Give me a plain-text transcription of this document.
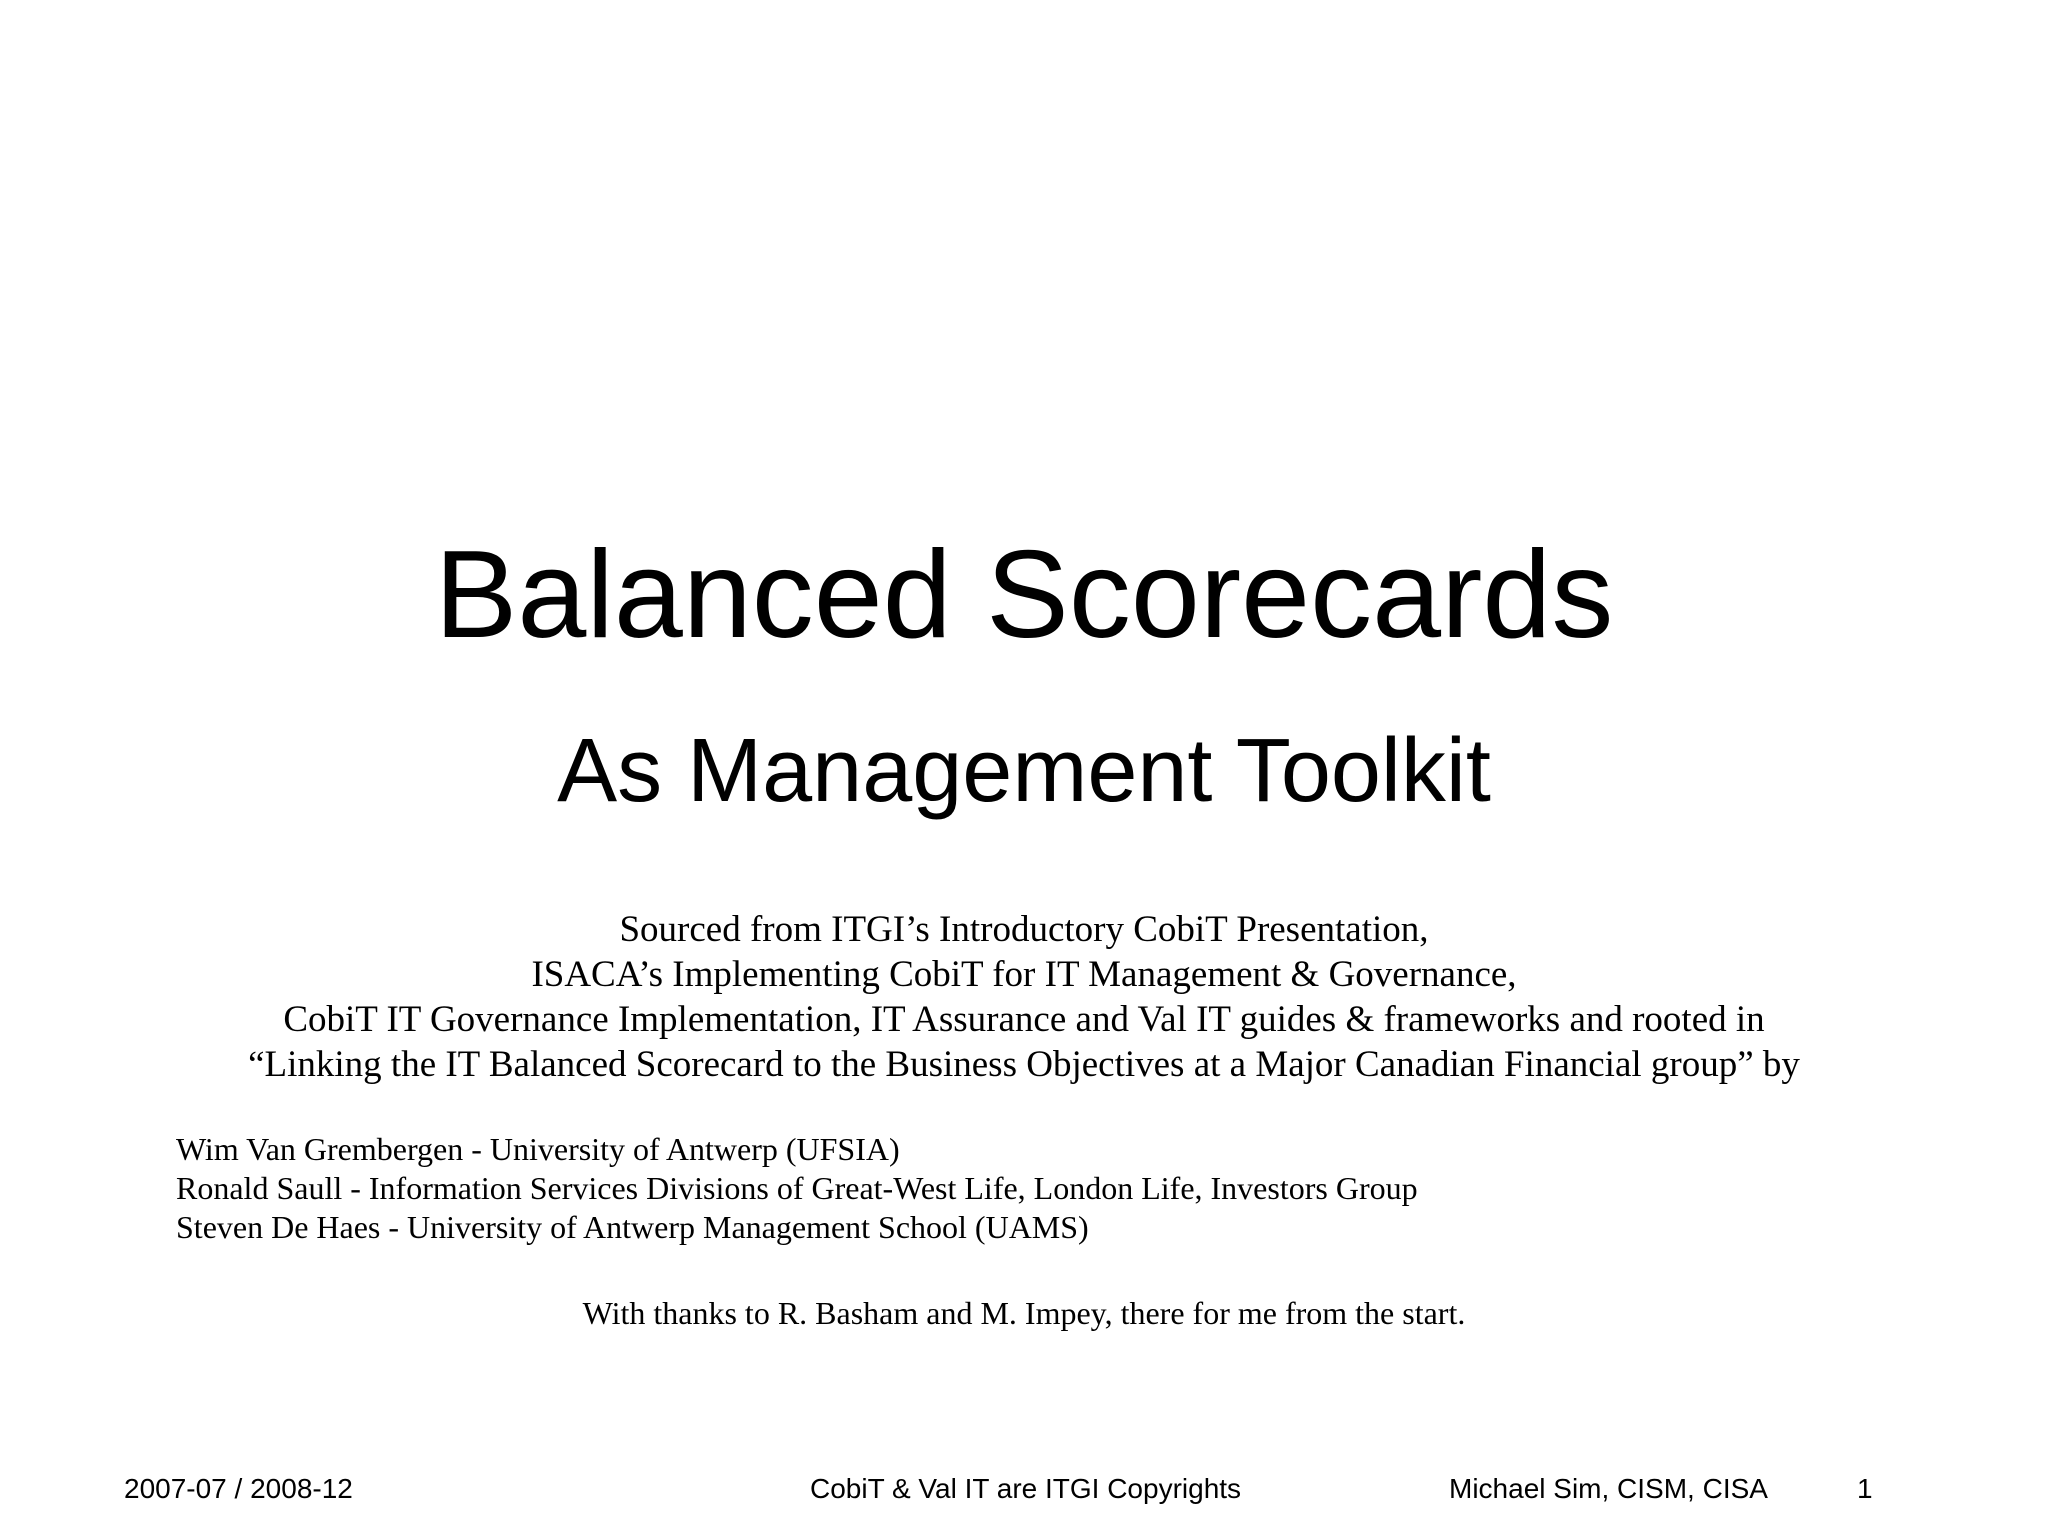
Balanced Scorecards
As Management Toolkit
Sourced from ITGI’s Introductory CobiT Presentation,
ISACA’s Implementing CobiT for IT Management & Governance,
CobiT IT Governance Implementation, IT Assurance and Val IT guides & frameworks and rooted in
“Linking the IT Balanced Scorecard to the Business Objectives at a Major Canadian Financial group” by
Wim Van Grembergen - University of Antwerp (UFSIA)
Ronald Saull - Information Services Divisions of Great-West Life, London Life, Investors Group
Steven De Haes - University of Antwerp Management School (UAMS)
With thanks to R. Basham and M. Impey, there for me from the start.
2007-07 / 2008-12	CobiT & Val IT are ITGI Copyrights	Michael Sim, CISM, CISA	1
